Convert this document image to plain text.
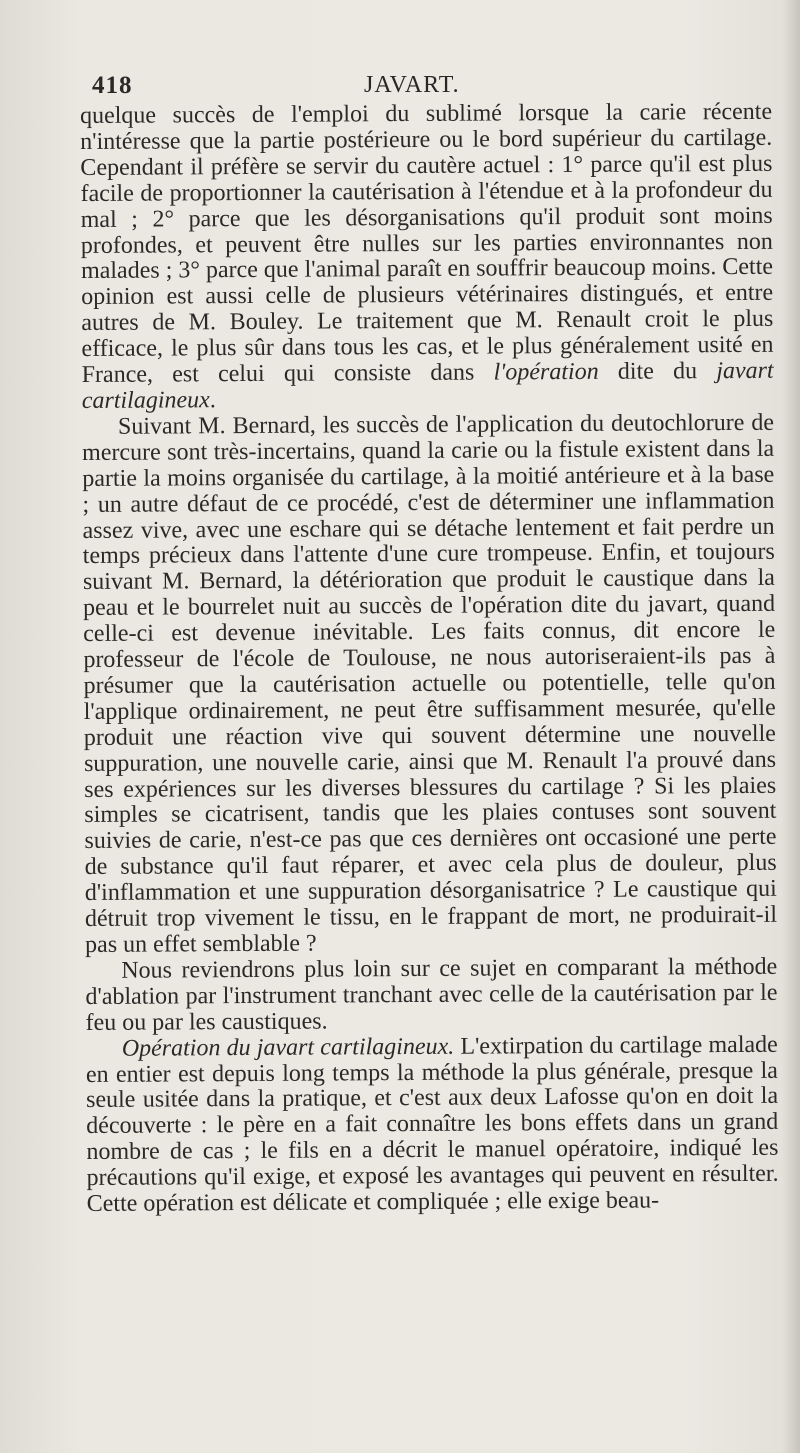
418	JAVART.

quelque succès de l'emploi du sublimé lorsque la carie récente n'intéresse que la partie postérieure ou le bord supérieur du cartilage. Cependant il préfère se servir du cautère actuel : 1° parce qu'il est plus facile de proportionner la cautérisation à l'étendue et à la profondeur du mal ; 2° parce que les désorganisations qu'il produit sont moins profondes, et peuvent être nulles sur les parties environnantes non malades ; 3° parce que l'animal paraît en souffrir beaucoup moins. Cette opinion est aussi celle de plusieurs vétérinaires distingués, et entre autres de M. Bouley. Le traitement que M. Renault croit le plus efficace, le plus sûr dans tous les cas, et le plus généralement usité en France, est celui qui consiste dans l'opération dite du javart cartilagineux.

Suivant M. Bernard, les succès de l'application du deutochlorure de mercure sont très-incertains, quand la carie ou la fistule existent dans la partie la moins organisée du cartilage, à la moitié antérieure et à la base ; un autre défaut de ce procédé, c'est de déterminer une inflammation assez vive, avec une eschare qui se détache lentement et fait perdre un temps précieux dans l'attente d'une cure trompeuse. Enfin, et toujours suivant M. Bernard, la détérioration que produit le caustique dans la peau et le bourrelet nuit au succès de l'opération dite du javart, quand celle-ci est devenue inévitable. Les faits connus, dit encore le professeur de l'école de Toulouse, ne nous autoriseraient-ils pas à présumer que la cautérisation actuelle ou potentielle, telle qu'on l'applique ordinairement, ne peut être suffisamment mesurée, qu'elle produit une réaction vive qui souvent détermine une nouvelle suppuration, une nouvelle carie, ainsi que M. Renault l'a prouvé dans ses expériences sur les diverses blessures du cartilage ? Si les plaies simples se cicatrisent, tandis que les plaies contuses sont souvent suivies de carie, n'est-ce pas que ces dernières ont occasioné une perte de substance qu'il faut réparer, et avec cela plus de douleur, plus d'inflammation et une suppuration désorganisatrice ? Le caustique qui détruit trop vivement le tissu, en le frappant de mort, ne produirait-il pas un effet semblable ?

Nous reviendrons plus loin sur ce sujet en comparant la méthode d'ablation par l'instrument tranchant avec celle de la cautérisation par le feu ou par les caustiques.

Opération du javart cartilagineux. L'extirpation du cartilage malade en entier est depuis long temps la méthode la plus générale, presque la seule usitée dans la pratique, et c'est aux deux Lafosse qu'on en doit la découverte : le père en a fait connaître les bons effets dans un grand nombre de cas ; le fils en a décrit le manuel opératoire, indiqué les précautions qu'il exige, et exposé les avantages qui peuvent en résulter. Cette opération est délicate et compliquée ; elle exige beau-
